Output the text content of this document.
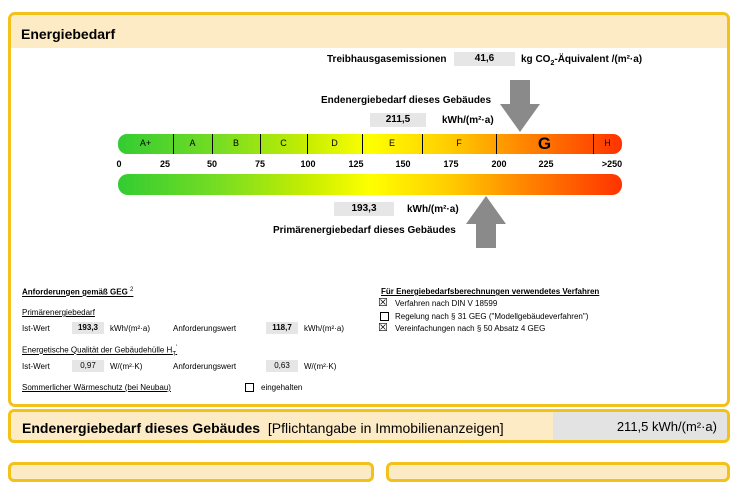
Energiebedarf
Treibhausgasemissionen	41,6	kg $CO_2$-Äquivalent /(m²·a)
Endenergiebedarf dieses Gebäudes
211,5	kWh/(m²·a)
A+	A	B	C	D	E	F	G	H
0	25	50	75	100	125	150	175	200	225	>250
193,3	kWh/(m²·a)
Primärenergiebedarf dieses Gebäudes
Anforderungen gemäß GEG $^2$
Primärenergiebedarf
Ist-Wert	193,3	kWh/(m²·a)	Anforderungswert	118,7	kWh/(m²·a)
Energetische Qualität der Gebäudehülle $H_T'$
Ist-Wert	0,97	W/(m²·K)	Anforderungswert	0,63	W/(m²·K)
Sommerlicher Wärmeschutz (bei Neubau)	eingehalten
Für Energiebedarfsberechnungen verwendetes Verfahren
☒ Verfahren nach DIN V 18599
Regelung nach § 31 GEG ("Modellgebäudeverfahren")
☒ Vereinfachungen nach § 50 Absatz 4 GEG
Endenergiebedarf dieses Gebäudes [Pflichtangabe in Immobilienanzeigen]	211,5 kWh/(m²·a)
